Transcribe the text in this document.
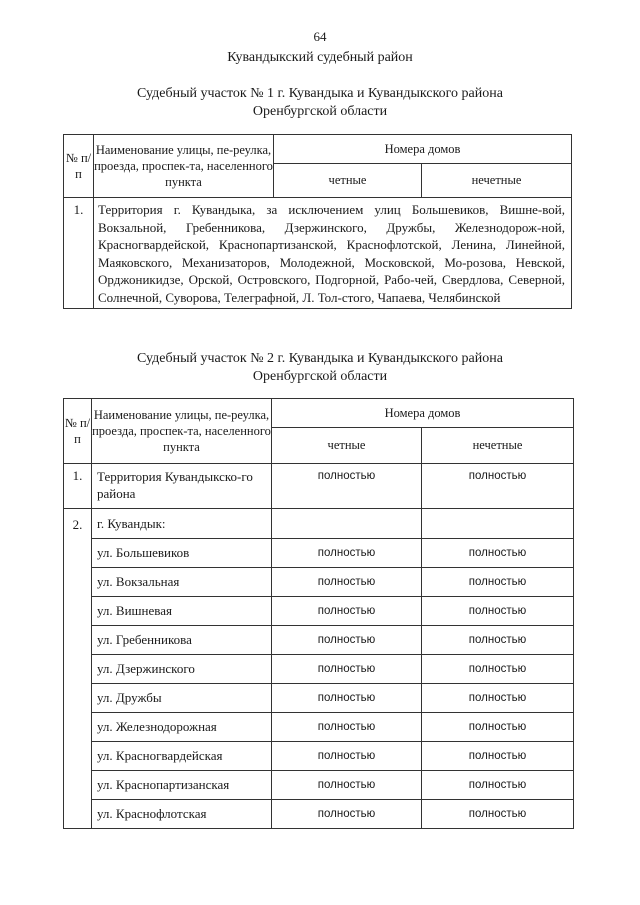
64
Кувандыкский судебный район
Судебный участок № 1 г. Кувандыка и Кувандыкского района
Оренбургской области
№ п/п	Наименование улицы, пе-реулка, проезда, проспек-та, населенного пункта	Номера домов	
		четные	нечетные
1.	Территория г. Кувандыка, за исключением улиц Большевиков, Вишне-вой, Вокзальной, Гребенникова, Дзержинского, Дружбы, Железнодорож-ной, Красногвардейской, Краснопартизанской, Краснофлотской, Ленина, Линейной, Маяковского, Механизаторов, Молодежной, Московской, Мо-розова, Невской, Орджоникидзе, Орской, Островского, Подгорной, Рабо-чей, Свердлова, Северной, Солнечной, Суворова, Телеграфной, Л. Тол-стого, Чапаева, Челябинской		
Судебный участок № 2 г. Кувандыка и Кувандыкского района
Оренбургской области
№ п/п	Наименование улицы, пе-реулка, проезда, проспек-та, населенного пункта	Номера домов	
		четные	нечетные
1.	Территория Кувандыкско-го района	полностью	полностью
2.	г. Кувандык:		
	ул. Большевиков	полностью	полностью
	ул. Вокзальная	полностью	полностью
	ул. Вишневая	полностью	полностью
	ул. Гребенникова	полностью	полностью
	ул. Дзержинского	полностью	полностью
	ул. Дружбы	полностью	полностью
	ул. Железнодорожная	полностью	полностью
	ул. Красногвардейская	полностью	полностью
	ул. Краснопартизанская	полностью	полностью
	ул. Краснофлотская	полностью	полностью
